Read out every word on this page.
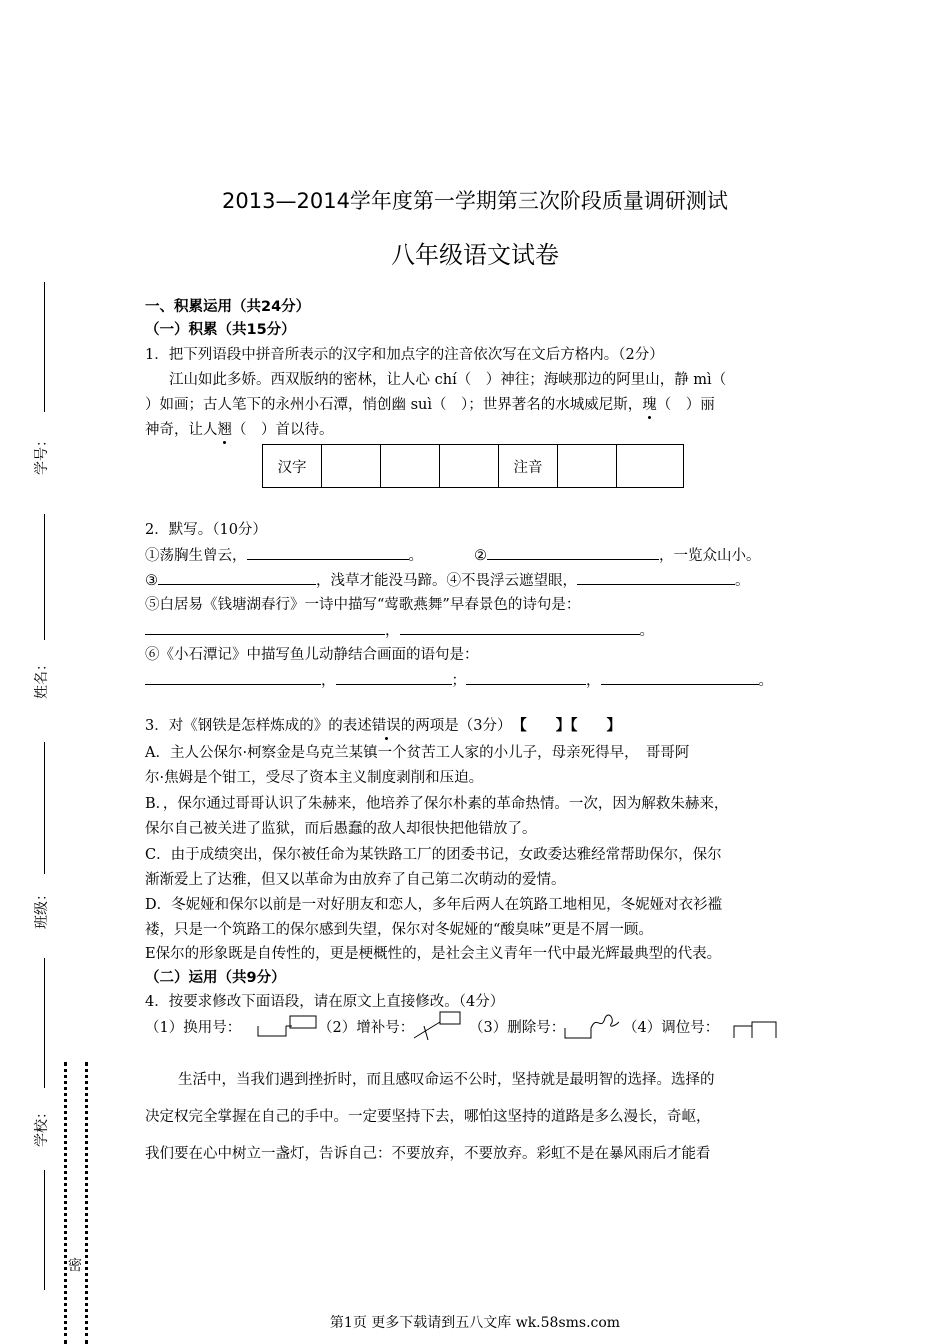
2013—2014学年度第一学期第三次阶段质量调研测试
八年级语文试卷
一、积累运用（共24分）
（一）积累（共15分）
1．把下列语段中拼音所表示的汉字和加点字的注音依次写在文后方格内。（2分）
江山如此多娇。西双版纳的密林，让人心 chí（　）神往；海峡那边的阿里山，静 mì（
）如画；古人笔下的永州小石潭，悄创幽 suì（　）；世界著名的水城威尼斯，瑰（　）丽
神奇，让人翘（　）首以待。
汉字				注音		
2．默写。（10分）
①荡胸生曾云，	。	②	，一览众山小。
③	，浅草才能没马蹄。④不畏浮云遮望眼，	。
⑤白居易《钱塘湖春行》一诗中描写“莺歌燕舞”早春景色的诗句是：
，	。
⑥《小石潭记》中描写鱼儿动静结合画面的语句是：
，	；	，	。
3．对《钢铁是怎样炼成的》的表述错误的两项是（3分） 【　　】【　　】
A．主人公保尔·柯察金是乌克兰某镇一个贫苦工人家的小儿子，母亲死得早，　哥哥阿
尔·焦姆是个钳工，受尽了资本主义制度剥削和压迫。
B．，保尔通过哥哥认识了朱赫来，他培养了保尔朴素的革命热情。一次，因为解救朱赫来，
保尔自己被关进了监狱，而后愚蠢的敌人却很快把他错放了。
C．由于成绩突出，保尔被任命为某铁路工厂的团委书记，女政委达雅经常帮助保尔，保尔
渐渐爱上了达雅，但又以革命为由放弃了自己第二次萌动的爱情。
D．冬妮娅和保尔以前是一对好朋友和恋人，多年后两人在筑路工地相见，冬妮娅对衣衫褴
褛，只是一个筑路工的保尔感到失望，保尔对冬妮娅的“酸臭味”更是不屑一顾。
E保尔的形象既是自传性的，更是梗概性的，是社会主义青年一代中最光辉最典型的代表。
（二）运用（共9分）
4．按要求修改下面语段，请在原文上直接修改。（4分）
（1）换用号：	（2）增补号：	（3）删除号：	（4）调位号：
生活中，当我们遇到挫折时，而且感叹命运不公时，坚持就是最明智的选择。选择的
决定权完全掌握在自己的手中。一定要坚持下去，哪怕这坚持的道路是多么漫长，奇岖，
我们要在心中树立一盏灯，告诉自己：不要放弃，不要放弃。彩虹不是在暴风雨后才能看
学号：
姓名：
班级：
学校：
密
第1页 更多下载请到五八文库 wk.58sms.com
